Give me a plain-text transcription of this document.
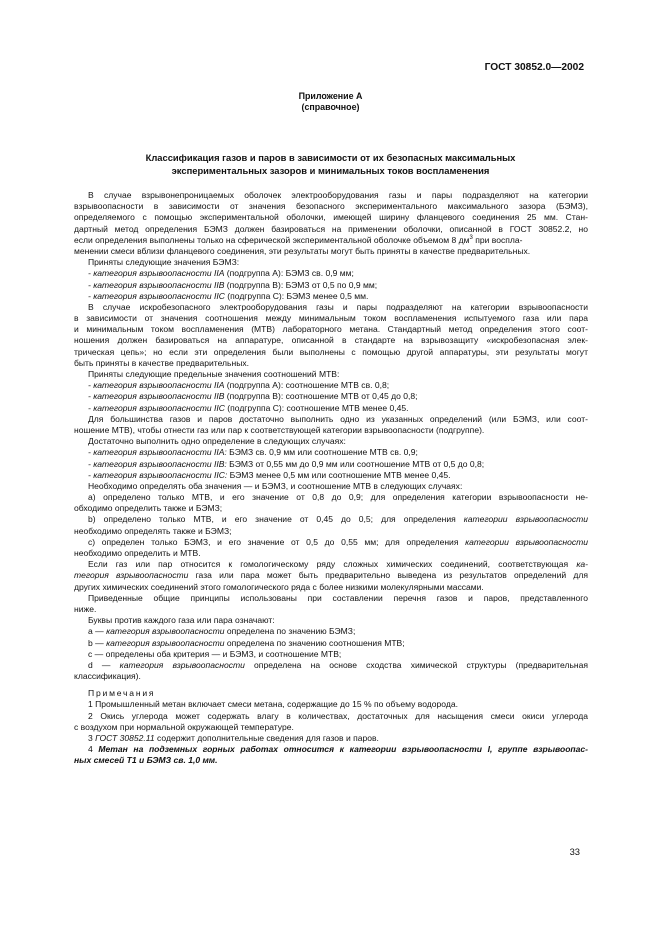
ГОСТ 30852.0—2002
Приложение А
(справочное)
Классификация газов и паров в зависимости от их безопасных максимальных
экспериментальных зазоров и минимальных токов воспламенения
В случае взрывонепроницаемых оболочек электрооборудования газы и пары подразделяют на категории
взрывоопасности в зависимости от значения безопасного экспериментального максимального зазора (БЭМЗ),
определяемого с помощью экспериментальной оболочки, имеющей ширину фланцевого соединения 25 мм. Стан-
дартный метод определения БЭМЗ должен базироваться на применении оболочки, описанной в ГОСТ 30852.2, но
если определения выполнены только на сферической экспериментальной оболочке объемом 8 $дм^3$ при воспла-
менении смеси вблизи фланцевого соединения, эти результаты могут быть приняты в качестве предварительных.
Приняты следующие значения БЭМЗ:
- категория взрывоопасности IIA (подгруппа А): БЭМЗ св. 0,9 мм;
- категория взрывоопасности IIB (подгруппа В): БЭМЗ от 0,5 по 0,9 мм;
- категория взрывоопасности IIC (подгруппа С): БЭМЗ менее 0,5 мм.
В случае искробезопасного электрооборудования газы и пары подразделяют на категории взрывоопасности
в зависимости от значения соотношения между минимальным током воспламенения испытуемого газа или пара
и минимальным током воспламенения (МТВ) лабораторного метана. Стандартный метод определения этого соот-
ношения должен базироваться на аппаратуре, описанной в стандарте на взрывозащиту «искробезопасная элек-
трическая цепь»; но если эти определения были выполнены с помощью другой аппаратуры, эти результаты могут
быть приняты в качестве предварительных.
Приняты следующие предельные значения соотношений МТВ:
- категория взрывоопасности IIA (подгруппа А): соотношение МТВ св. 0,8;
- категория взрывоопасности IIB (подгруппа В): соотношение МТВ от 0,45 до 0,8;
- категория взрывоопасности IIC (подгруппа С): соотношение МТВ менее 0,45.
Для большинства газов и паров достаточно выполнить одно из указанных определений (или БЭМЗ, или соот-
ношение МТВ), чтобы отнести газ или пар к соответствующей категории взрывоопасности (подгруппе).
Достаточно выполнить одно определение в следующих случаях:
- категория взрывоопасности IIA: БЭМЗ св. 0,9 мм или соотношение МТВ св. 0,9;
- категория взрывоопасности IIB: БЭМЗ от 0,55 мм до 0,9 мм или соотношение МТВ от 0,5 до 0,8;
- категория взрывоопасности IIC: БЭМЗ менее 0,5 мм или соотношение МТВ менее 0,45.
Необходимо определять оба значения — и БЭМЗ, и соотношение МТВ в следующих случаях:
а) определено только МТВ, и его значение от 0,8 до 0,9; для определения категории взрывоопасности не-
обходимо определить также и БЭМЗ;
b) определено только МТВ, и его значение от 0,45 до 0,5; для определения категории взрывоопасности
необходимо определять также и БЭМЗ;
с) определен только БЭМЗ, и его значение от 0,5 до 0,55 мм; для определения категории взрывоопасности
необходимо определить и МТВ.
Если газ или пар относится к гомологическому ряду сложных химических соединений, соответствующая ка-
тегория взрывоопасности газа или пара может быть предварительно выведена из результатов определений для
других химических соединений этого гомологического ряда с более низкими молекулярными массами.
Приведенные общие принципы использованы при составлении перечня газов и паров, представленного
ниже.
Буквы против каждого газа или пара означают:
а — категория взрывоопасности определена по значению БЭМЗ;
b — категория взрывоопасности определена по значению соотношения МТВ;
с — определены оба критерия — и БЭМЗ, и соотношение МТВ;
d — категория взрывоопасности определена на основе сходства химической структуры (предварительная
классификация).
Примечания
1 Промышленный метан включает смеси метана, содержащие до 15 % по объему водорода.
2 Окись углерода может содержать влагу в количествах, достаточных для насыщения смеси окиси углерода
с воздухом при нормальной окружающей температуре.
3 ГОСТ 30852.11 содержит дополнительные сведения для газов и паров.
4 Метан на подземных горных работах относится к категории взрывоопасности I, группе взрывоопас-
ных смесей Т1 и БЭМЗ св. 1,0 мм.
33
